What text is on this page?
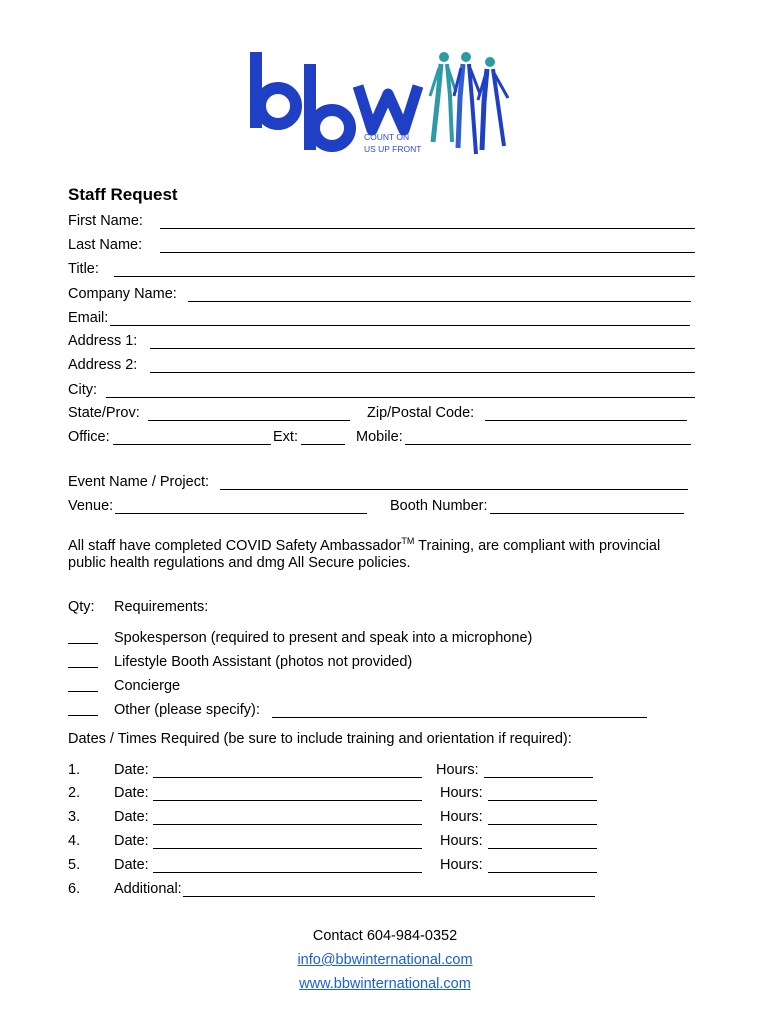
COUNT ON
US UP FRONT
Staff Request
First Name:
Last Name:
Title:
Company Name:
Email:
Address 1:
Address 2:
City:
State/Prov:	Zip/Postal Code:
Office:	Ext:	Mobile:
Event Name / Project:
Venue:	Booth Number:
All staff have completed COVID Safety Ambassador™ Training, are compliant with provincial
public health regulations and dmg All Secure policies.
Qty: Requirements:
Spokesperson (required to present and speak into a microphone)
Lifestyle Booth Assistant (photos not provided)
Concierge
Other (please specify):
Dates / Times Required (be sure to include training and orientation if required):
1. Date:	Hours:
2. Date:	Hours:
3. Date:	Hours:
4. Date:	Hours:
5. Date:	Hours:
6. Additional:
Contact 604-984-0352
info@bbwinternational.com
www.bbwinternational.com
